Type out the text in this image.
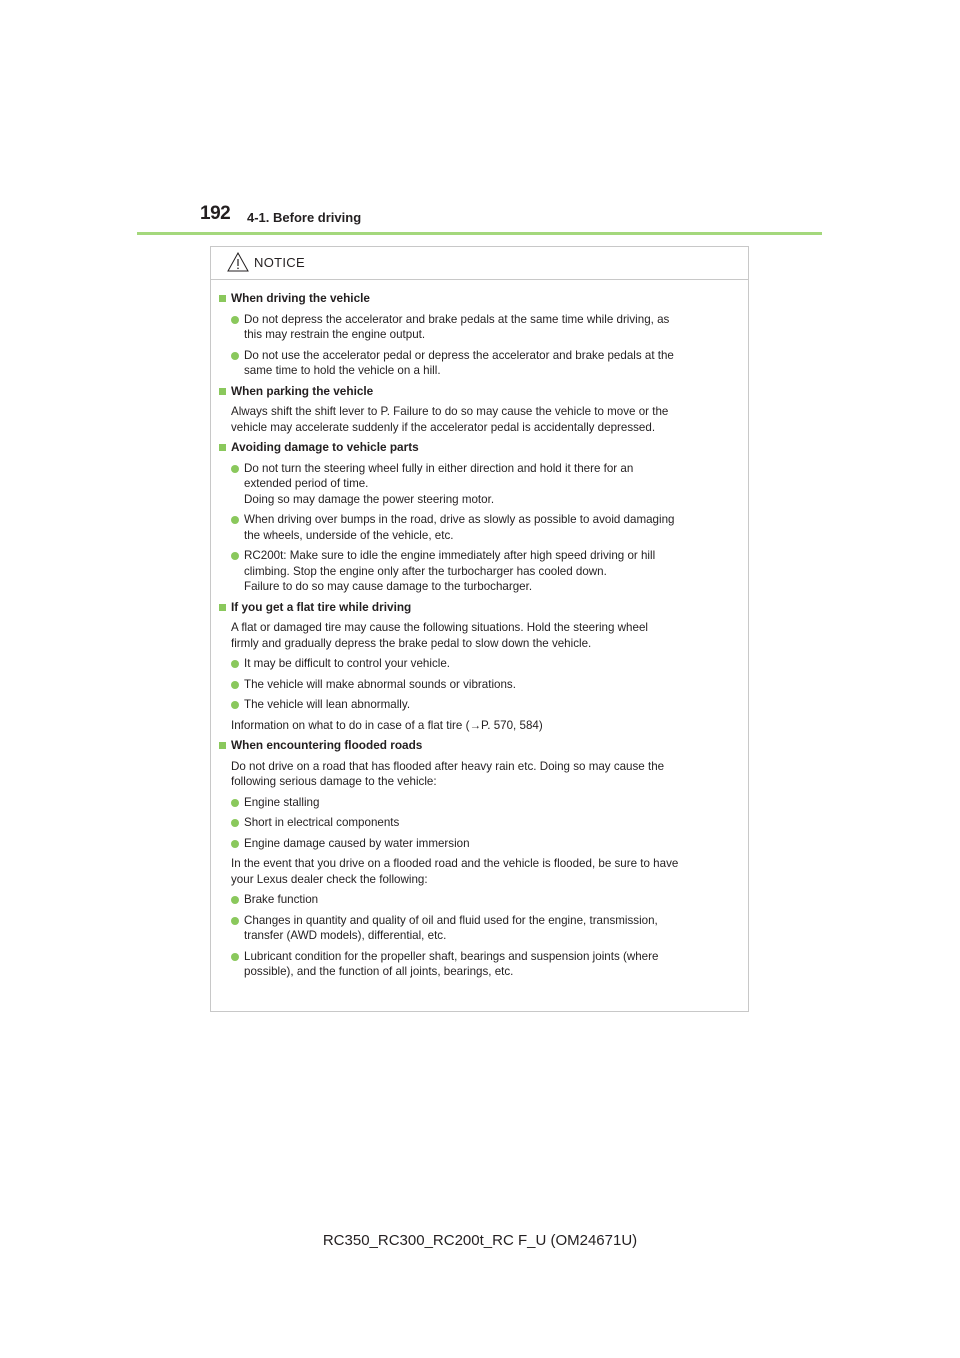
192 4-1. Before driving
NOTICE
When driving the vehicle
Do not depress the accelerator and brake pedals at the same time while driving, as
this may restrain the engine output.
Do not use the accelerator pedal or depress the accelerator and brake pedals at the
same time to hold the vehicle on a hill.
When parking the vehicle
Always shift the shift lever to P. Failure to do so may cause the vehicle to move or the
vehicle may accelerate suddenly if the accelerator pedal is accidentally depressed.
Avoiding damage to vehicle parts
Do not turn the steering wheel fully in either direction and hold it there for an
extended period of time.
Doing so may damage the power steering motor.
When driving over bumps in the road, drive as slowly as possible to avoid damaging
the wheels, underside of the vehicle, etc.
RC200t: Make sure to idle the engine immediately after high speed driving or hill
climbing. Stop the engine only after the turbocharger has cooled down.
Failure to do so may cause damage to the turbocharger.
If you get a flat tire while driving
A flat or damaged tire may cause the following situations. Hold the steering wheel
firmly and gradually depress the brake pedal to slow down the vehicle.
It may be difficult to control your vehicle.
The vehicle will make abnormal sounds or vibrations.
The vehicle will lean abnormally.
Information on what to do in case of a flat tire (→P. 570, 584)
When encountering flooded roads
Do not drive on a road that has flooded after heavy rain etc. Doing so may cause the
following serious damage to the vehicle:
Engine stalling
Short in electrical components
Engine damage caused by water immersion
In the event that you drive on a flooded road and the vehicle is flooded, be sure to have
your Lexus dealer check the following:
Brake function
Changes in quantity and quality of oil and fluid used for the engine, transmission,
transfer (AWD models), differential, etc.
Lubricant condition for the propeller shaft, bearings and suspension joints (where
possible), and the function of all joints, bearings, etc.
RC350_RC300_RC200t_RC F_U (OM24671U)
